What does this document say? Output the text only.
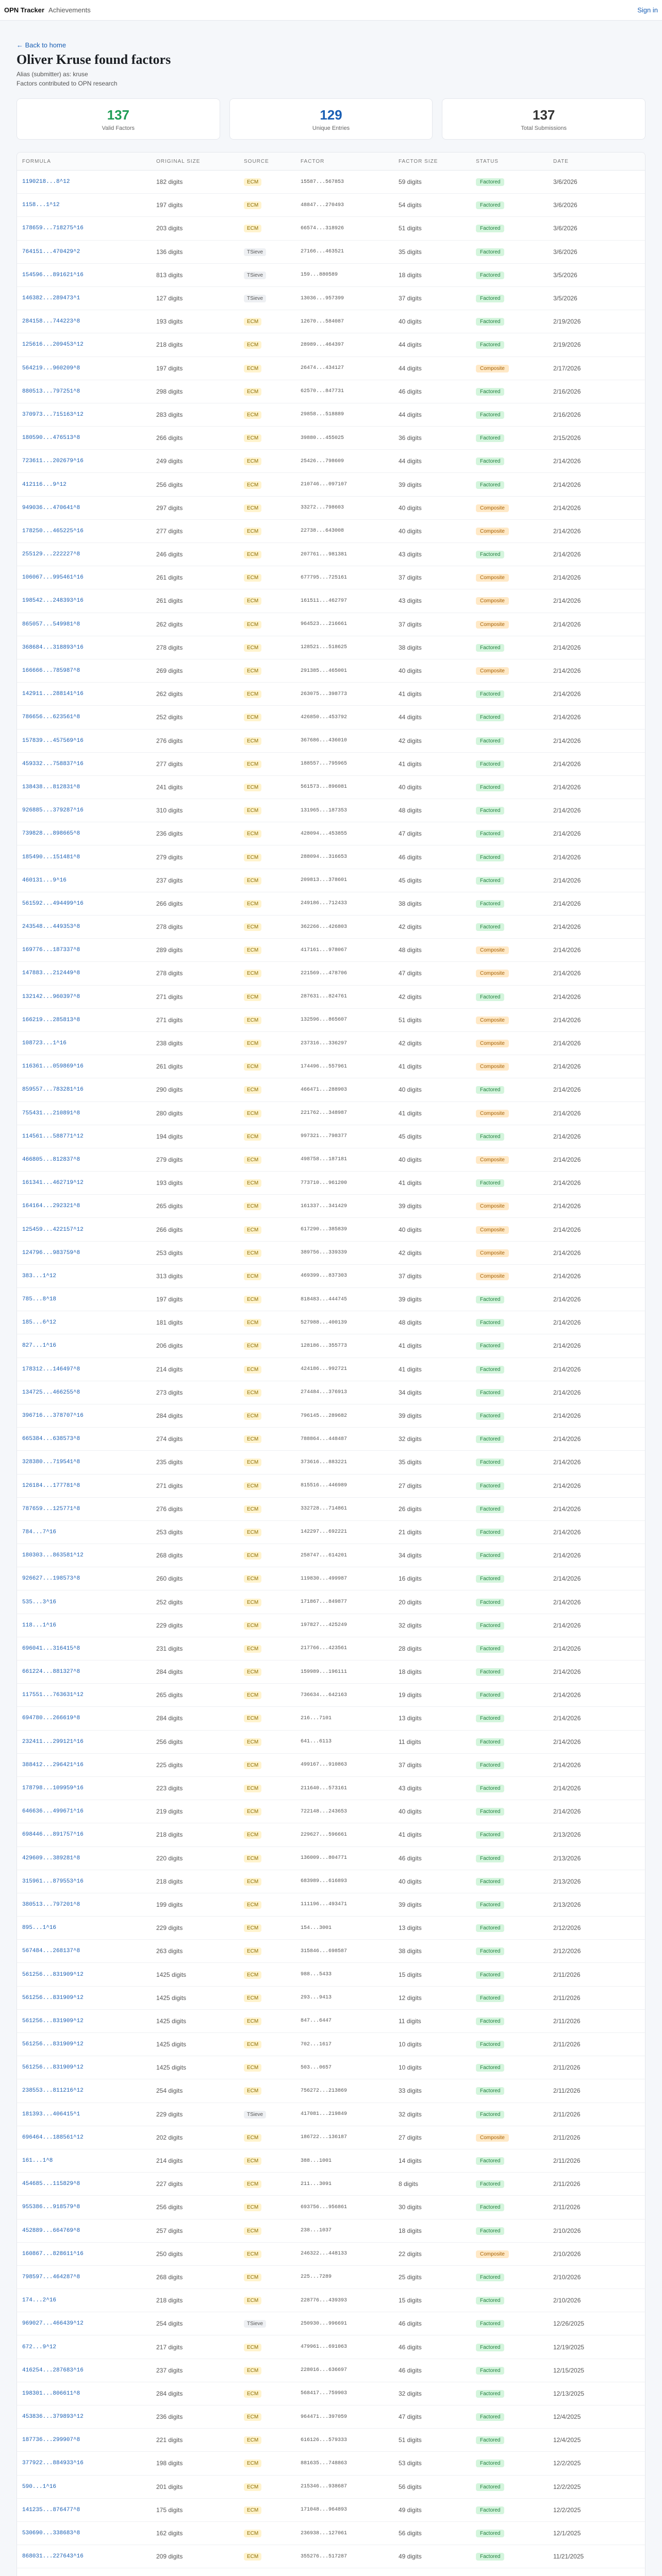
OPN Tracker Achievements	Sign in
← Back to home
Oliver Kruse found factors
Alias (submitter) as: kruse
Factors contributed to OPN research
137
Valid Factors
129
Unique Entries
137
Total Submissions
FORMULA	ORIGINAL SIZE	SOURCE	FACTOR	FACTOR SIZE	STATUS	DATE
1190218...8^12	182 digits	ECM	15587...567853	59 digits	Factored	3/6/2026
1158...1^12	197 digits	ECM	48847...270493	54 digits	Factored	3/6/2026
178659...718275^16	203 digits	ECM	66574...318926	51 digits	Factored	3/6/2026
764151...470429^2	136 digits	TSieve	27166...463521	35 digits	Factored	3/6/2026
154596...891621^16	813 digits	TSieve	159...880589	18 digits	Factored	3/5/2026
146382...289473^1	127 digits	TSieve	13036...957399	37 digits	Factored	3/5/2026
284158...744223^8	193 digits	ECM	12670...584087	40 digits	Factored	2/19/2026
125616...209453^12	218 digits	ECM	28989...464397	44 digits	Factored	2/19/2026
564219...960209^8	197 digits	ECM	26474...434127	44 digits	Composite	2/17/2026
880513...797251^8	298 digits	ECM	62570...847731	46 digits	Factored	2/16/2026
370973...715163^12	283 digits	ECM	29858...518889	44 digits	Factored	2/16/2026
180590...476513^8	266 digits	ECM	39880...455025	36 digits	Factored	2/15/2026
723611...202679^16	249 digits	ECM	25426...798609	44 digits	Factored	2/14/2026
412116...9^12	256 digits	ECM	210746...097107	39 digits	Factored	2/14/2026
949036...470641^8	297 digits	ECM	33272...798603	40 digits	Composite	2/14/2026
178250...465225^16	277 digits	ECM	22738...643008	40 digits	Composite	2/14/2026
255129...222227^8	246 digits	ECM	207761...981381	43 digits	Factored	2/14/2026
106067...995461^16	261 digits	ECM	677795...725161	37 digits	Composite	2/14/2026
198542...248393^16	261 digits	ECM	161511...462797	43 digits	Composite	2/14/2026
865057...549981^8	262 digits	ECM	964523...216661	37 digits	Composite	2/14/2026
368684...318893^16	278 digits	ECM	128521...518625	38 digits	Factored	2/14/2026
166666...785987^8	269 digits	ECM	291385...465001	40 digits	Composite	2/14/2026
142911...288141^16	262 digits	ECM	263075...398773	41 digits	Factored	2/14/2026
786656...623561^8	252 digits	ECM	426850...453792	44 digits	Factored	2/14/2026
157839...457569^16	276 digits	ECM	367686...436010	42 digits	Factored	2/14/2026
459332...758837^16	277 digits	ECM	188557...795965	41 digits	Factored	2/14/2026
138438...812831^8	241 digits	ECM	561573...896081	40 digits	Factored	2/14/2026
926885...379287^16	310 digits	ECM	131965...187353	48 digits	Factored	2/14/2026
739828...898665^8	236 digits	ECM	428094...453855	47 digits	Factored	2/14/2026
185490...151481^8	279 digits	ECM	288094...316653	46 digits	Factored	2/14/2026
460131...9^16	237 digits	ECM	209813...378601	45 digits	Factored	2/14/2026
561592...494499^16	266 digits	ECM	249186...712433	38 digits	Factored	2/14/2026
243548...449353^8	278 digits	ECM	362266...426803	42 digits	Factored	2/14/2026
169776...187337^8	289 digits	ECM	417161...978067	48 digits	Composite	2/14/2026
147883...212449^8	278 digits	ECM	221569...478706	47 digits	Composite	2/14/2026
132142...960397^8	271 digits	ECM	287631...824761	42 digits	Factored	2/14/2026
166219...285813^8	271 digits	ECM	132596...865607	51 digits	Composite	2/14/2026
108723...1^16	238 digits	ECM	237316...336297	42 digits	Composite	2/14/2026
116361...059869^16	261 digits	ECM	174496...557961	41 digits	Composite	2/14/2026
859557...783281^16	290 digits	ECM	466471...288903	40 digits	Factored	2/14/2026
755431...210891^8	280 digits	ECM	221762...348987	41 digits	Composite	2/14/2026
114561...588771^12	194 digits	ECM	997321...798377	45 digits	Factored	2/14/2026
466805...812837^8	279 digits	ECM	498758...187181	40 digits	Composite	2/14/2026
161341...462719^12	193 digits	ECM	773710...961200	41 digits	Factored	2/14/2026
164164...292321^8	265 digits	ECM	161337...341429	39 digits	Composite	2/14/2026
125459...422157^12	266 digits	ECM	617290...385839	40 digits	Composite	2/14/2026
124796...983759^8	253 digits	ECM	389756...339339	42 digits	Composite	2/14/2026
383...1^12	313 digits	ECM	469399...837303	37 digits	Composite	2/14/2026
785...8^18	197 digits	ECM	818483...444745	39 digits	Factored	2/14/2026
185...6^12	181 digits	ECM	527988...400139	48 digits	Factored	2/14/2026
827...1^16	206 digits	ECM	128186...355773	41 digits	Factored	2/14/2026
178312...146497^8	214 digits	ECM	424186...992721	41 digits	Factored	2/14/2026
134725...466255^8	273 digits	ECM	274484...376913	34 digits	Factored	2/14/2026
396716...378707^16	284 digits	ECM	796145...289682	39 digits	Factored	2/14/2026
665384...638573^8	274 digits	ECM	788864...448487	32 digits	Factored	2/14/2026
328380...719541^8	235 digits	ECM	373616...883221	35 digits	Factored	2/14/2026
126184...177781^8	271 digits	ECM	815516...446989	27 digits	Factored	2/14/2026
787659...125771^8	276 digits	ECM	332728...714861	26 digits	Factored	2/14/2026
784...7^16	253 digits	ECM	142297...692221	21 digits	Factored	2/14/2026
180303...863581^12	268 digits	ECM	258747...614201	34 digits	Factored	2/14/2026
926627...198573^8	260 digits	ECM	119830...499987	16 digits	Factored	2/14/2026
535...3^16	252 digits	ECM	171867...849877	20 digits	Factored	2/14/2026
118...1^16	229 digits	ECM	197827...425249	32 digits	Factored	2/14/2026
696041...316415^8	231 digits	ECM	217766...423561	28 digits	Factored	2/14/2026
661224...881327^8	284 digits	ECM	159989...196111	18 digits	Factored	2/14/2026
117551...763631^12	265 digits	ECM	736634...642163	19 digits	Factored	2/14/2026
694780...266619^8	284 digits	ECM	216...7101	13 digits	Factored	2/14/2026
232411...299121^16	256 digits	ECM	641...6113	11 digits	Factored	2/14/2026
388412...296421^16	225 digits	ECM	499167...910863	37 digits	Factored	2/14/2026
178798...109959^16	223 digits	ECM	211640...573161	43 digits	Factored	2/14/2026
646636...499671^16	219 digits	ECM	722148...243653	40 digits	Factored	2/14/2026
698446...891757^16	218 digits	ECM	229627...596661	41 digits	Factored	2/13/2026
429609...389281^8	220 digits	ECM	136009...804771	46 digits	Factored	2/13/2026
315961...879553^16	218 digits	ECM	683989...616893	40 digits	Factored	2/13/2026
380513...797201^8	199 digits	ECM	111196...493471	39 digits	Factored	2/13/2026
895...1^16	229 digits	ECM	154...3001	13 digits	Factored	2/12/2026
567484...268137^8	263 digits	ECM	315846...698587	38 digits	Factored	2/12/2026
561256...831909^12	1425 digits	ECM	988...5433	15 digits	Factored	2/11/2026
561256...831909^12	1425 digits	ECM	293...9413	12 digits	Factored	2/11/2026
561256...831909^12	1425 digits	ECM	847...6447	11 digits	Factored	2/11/2026
561256...831909^12	1425 digits	ECM	702...1617	10 digits	Factored	2/11/2026
561256...831909^12	1425 digits	ECM	503...0657	10 digits	Factored	2/11/2026
238553...811216^12	254 digits	ECM	756272...213869	33 digits	Factored	2/11/2026
181393...406415^1	229 digits	TSieve	417081...219849	32 digits	Factored	2/11/2026
696464...188561^12	202 digits	ECM	186722...136187	27 digits	Composite	2/11/2026
161...1^8	214 digits	ECM	388...1001	14 digits	Factored	2/11/2026
454685...115829^8	227 digits	ECM	211...3091	8 digits	Factored	2/11/2026
955386...918579^8	256 digits	ECM	693756...956861	30 digits	Factored	2/11/2026
452889...664769^8	257 digits	ECM	238...1037	18 digits	Factored	2/10/2026
160867...828611^16	250 digits	ECM	246322...448133	22 digits	Composite	2/10/2026
798597...464287^8	268 digits	ECM	225...7289	25 digits	Factored	2/10/2026
174...2^16	218 digits	ECM	228776...439393	15 digits	Factored	2/10/2026
969027...466439^12	254 digits	TSieve	250930...996691	46 digits	Factored	12/26/2025
672...9^12	217 digits	ECM	479961...691063	46 digits	Factored	12/19/2025
416254...287683^16	237 digits	ECM	228016...636697	46 digits	Factored	12/15/2025
198301...806611^8	284 digits	ECM	568417...759903	32 digits	Factored	12/13/2025
453836...379893^12	236 digits	ECM	964471...397059	47 digits	Factored	12/4/2025
187736...299907^8	221 digits	ECM	616126...579333	51 digits	Factored	12/4/2025
377922...884933^16	198 digits	ECM	881635...748863	53 digits	Factored	12/2/2025
590...1^16	201 digits	ECM	215346...938687	56 digits	Factored	12/2/2025
141235...876477^8	175 digits	ECM	171048...964893	49 digits	Factored	12/2/2025
530690...338683^8	162 digits	ECM	236938...127061	56 digits	Factored	12/1/2025
868031...227643^16	209 digits	ECM	355276...517287	49 digits	Factored	11/21/2025
